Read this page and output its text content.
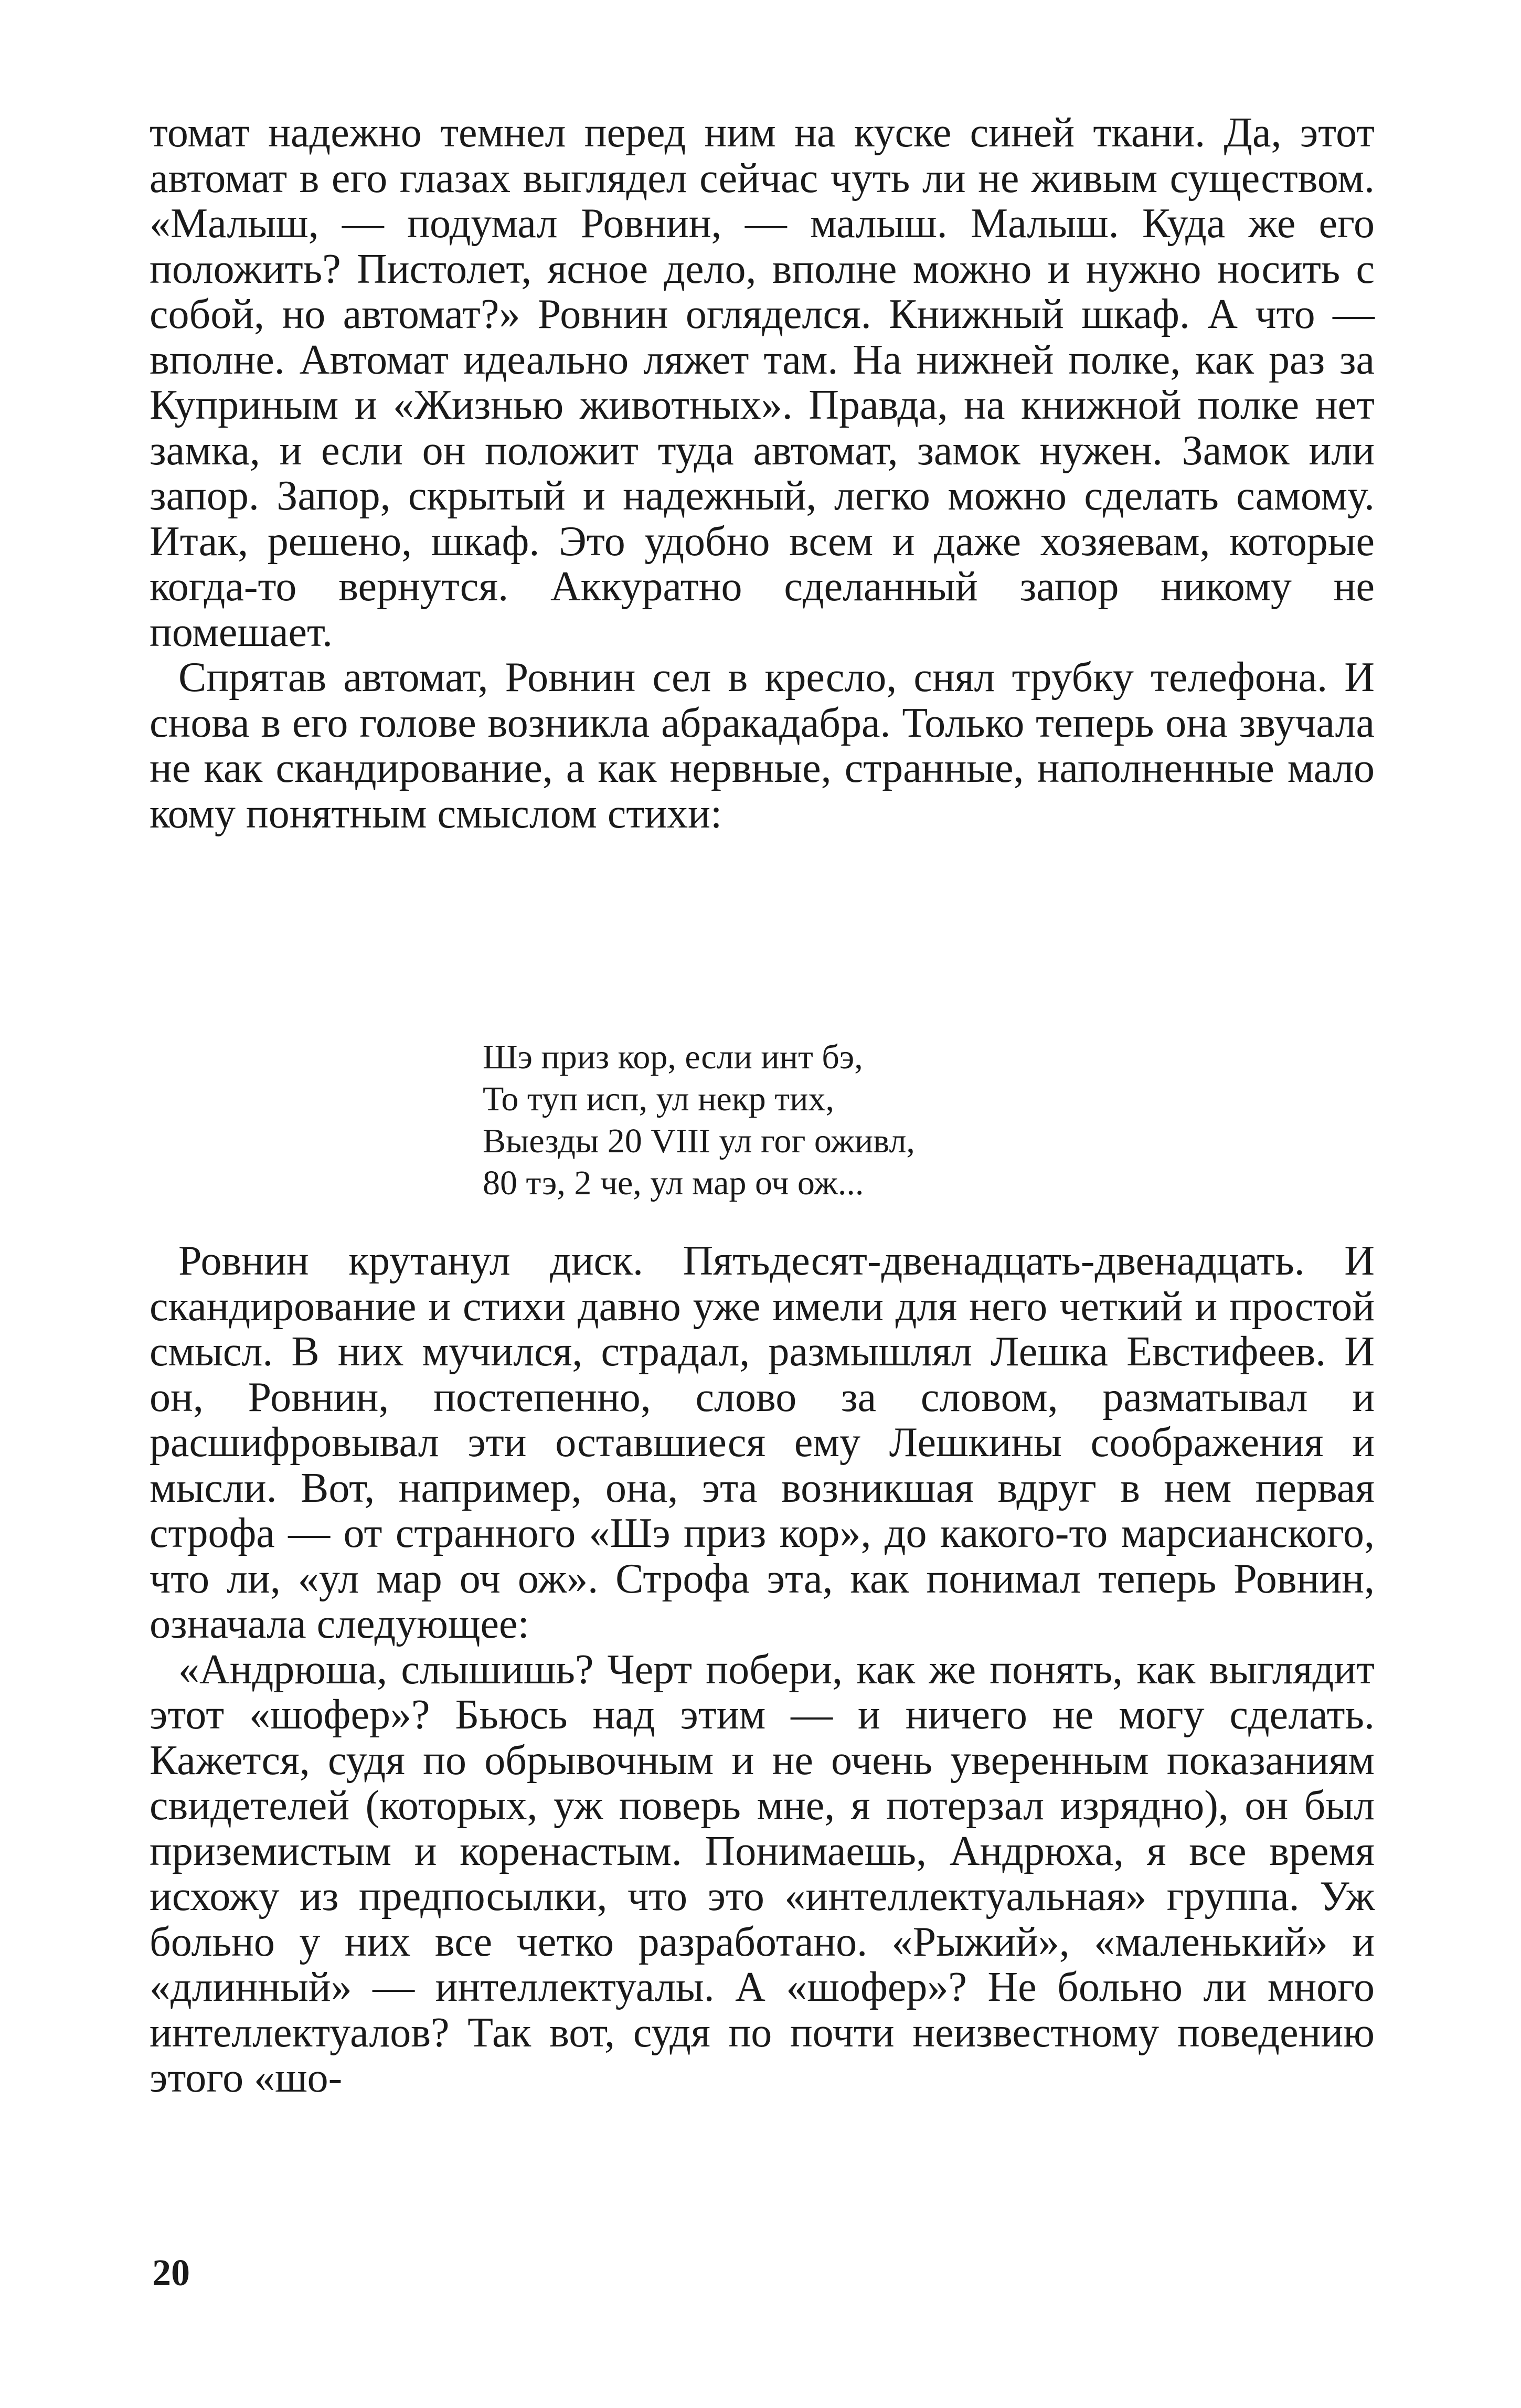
томат надежно темнел перед ним на куске синей ткани. Да, этот автомат в его глазах выглядел сейчас чуть ли не живым существом. «Малыш, — подумал Ровнин, — малыш. Малыш. Куда же его положить? Пистолет, ясное дело, вполне можно и нужно носить с собой, но автомат?» Ровнин огляделся. Книжный шкаф. А что — вполне. Автомат идеально ляжет там. На нижней полке, как раз за Куприным и «Жизнью животных». Правда, на книжной полке нет замка, и если он положит туда автомат, замок нужен. Замок или запор. Запор, скрытый и надежный, легко можно сделать самому. Итак, решено, шкаф. Это удобно всем и даже хозяевам, которые когда-то вернутся. Аккуратно сделанный запор никому не помешает.

Спрятав автомат, Ровнин сел в кресло, снял трубку телефона. И снова в его голове возникла абракадабра. Только теперь она звучала не как скандирование, а как нервные, странные, наполненные мало кому понятным смыслом стихи:

Шэ приз кор, если инт бэ,
То туп исп, ул некр тих,
Выезды 20 VIII ул гог оживл,
80 тэ, 2 че, ул мар оч ож...

Ровнин крутанул диск. Пятьдесят-двенадцать-двенадцать. И скандирование и стихи давно уже имели для него четкий и простой смысл. В них мучился, страдал, размышлял Лешка Евстифеев. И он, Ровнин, постепенно, слово за словом, разматывал и расшифровывал эти оставшиеся ему Лешкины соображения и мысли. Вот, например, она, эта возникшая вдруг в нем первая строфа — от странного «Шэ приз кор», до какого-то марсианского, что ли, «ул мар оч ож». Строфа эта, как понимал теперь Ровнин, означала следующее:

«Андрюша, слышишь? Черт побери, как же понять, как выглядит этот «шофер»? Бьюсь над этим — и ничего не могу сделать. Кажется, судя по обрывочным и не очень уверенным показаниям свидетелей (которых, уж поверь мне, я потерзал изрядно), он был приземистым и коренастым. Понимаешь, Андрюха, я все время исхожу из предпосылки, что это «интеллектуальная» группа. Уж больно у них все четко разработано. «Рыжий», «маленький» и «длинный» — интеллектуалы. А «шофер»? Не больно ли много интеллектуалов? Так вот, судя по почти неизвестному поведению этого «шо-

20
